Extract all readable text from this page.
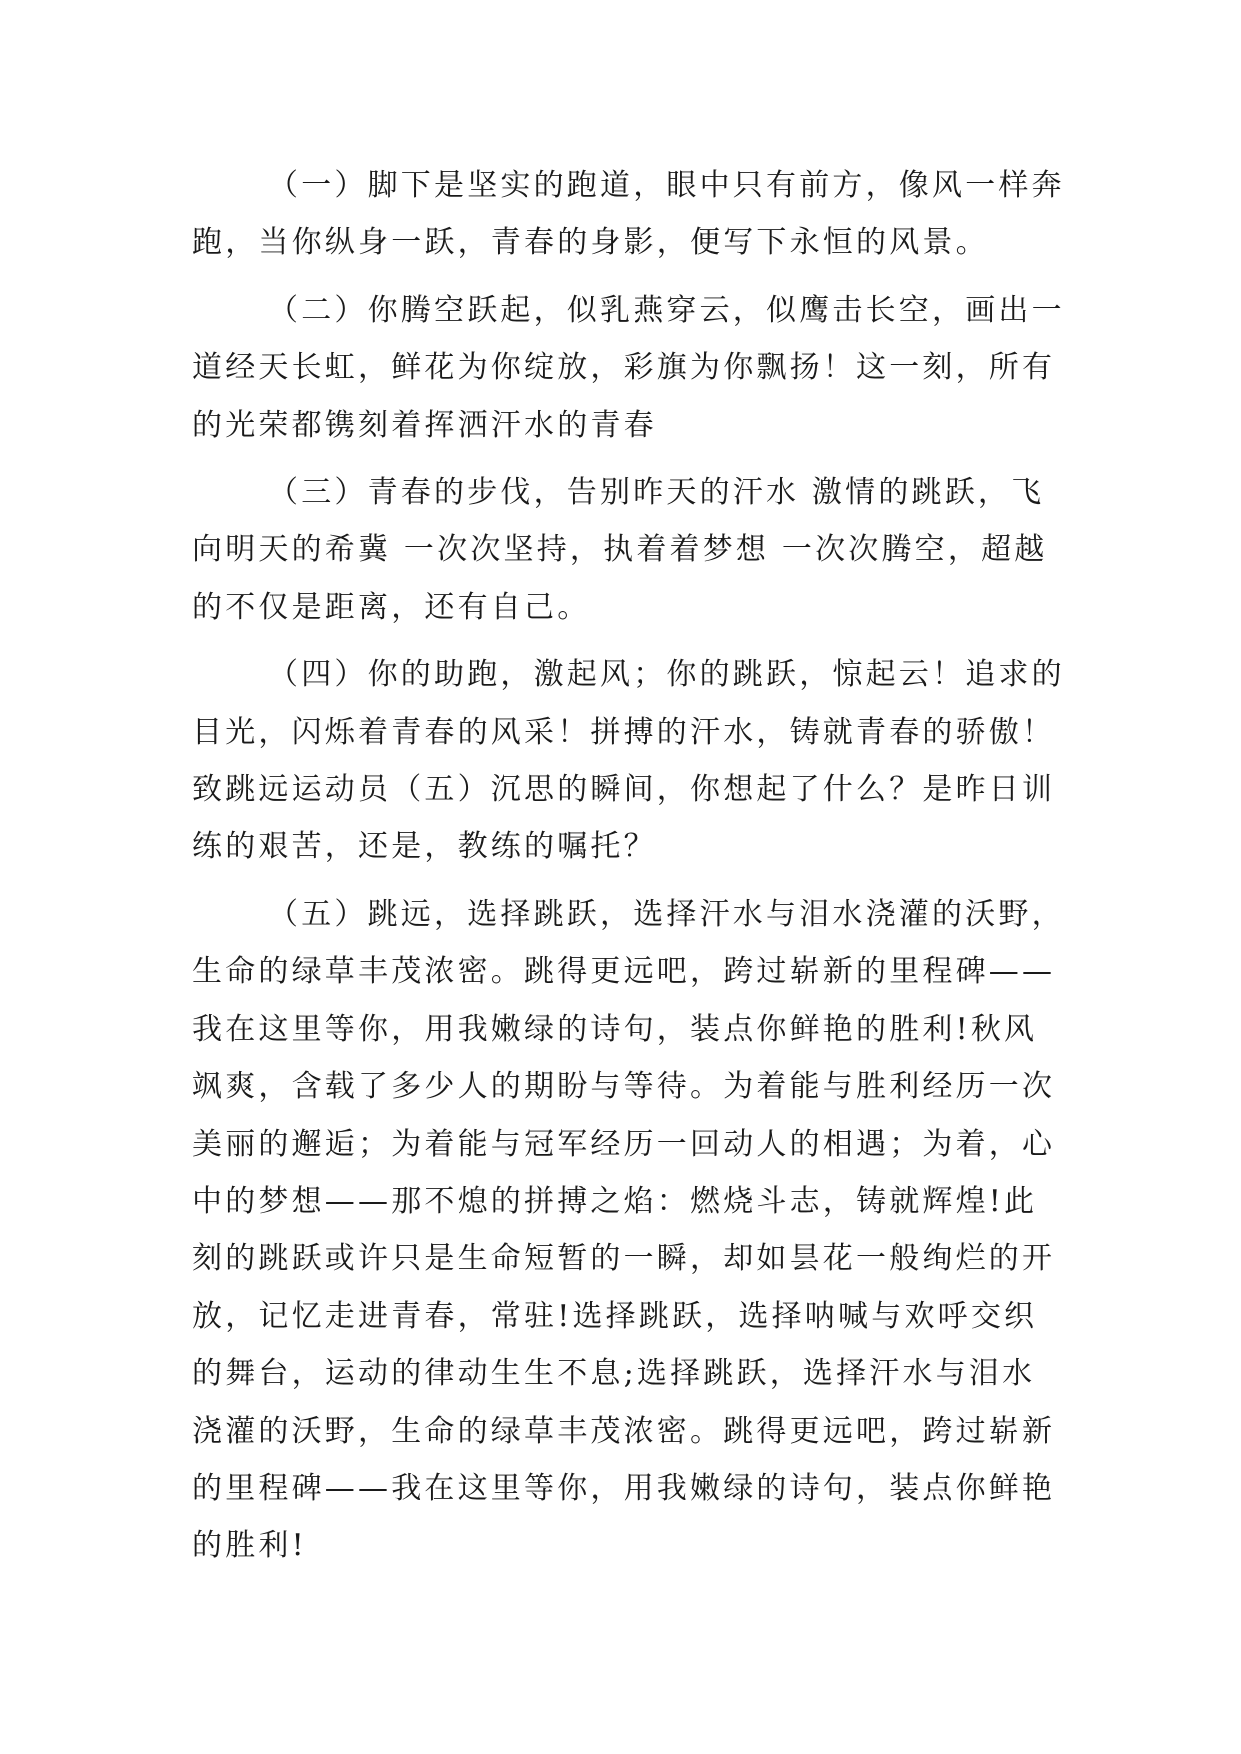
（一）脚下是坚实的跑道，眼中只有前方，像风一样奔
跑，当你纵身一跃，青春的身影，便写下永恒的风景。

（二）你腾空跃起，似乳燕穿云，似鹰击长空，画出一
道经天长虹，鲜花为你绽放，彩旗为你飘扬！这一刻，所有
的光荣都镌刻着挥洒汗水的青春

（三）青春的步伐，告别昨天的汗水 激情的跳跃，飞
向明天的希冀 一次次坚持，执着着梦想 一次次腾空，超越
的不仅是距离，还有自己。

（四）你的助跑，激起风；你的跳跃，惊起云！追求的
目光，闪烁着青春的风采！拼搏的汗水，铸就青春的骄傲！
致跳远运动员（五）沉思的瞬间，你想起了什么？是昨日训
练的艰苦，还是，教练的嘱托？

（五）跳远，选择跳跃，选择汗水与泪水浇灌的沃野，
生命的绿草丰茂浓密。跳得更远吧，跨过崭新的里程碑——
我在这里等你，用我嫩绿的诗句，装点你鲜艳的胜利!秋风
飒爽，含载了多少人的期盼与等待。为着能与胜利经历一次
美丽的邂逅；为着能与冠军经历一回动人的相遇；为着，心
中的梦想——那不熄的拼搏之焰：燃烧斗志，铸就辉煌!此
刻的跳跃或许只是生命短暂的一瞬，却如昙花一般绚烂的开
放，记忆走进青春，常驻!选择跳跃，选择呐喊与欢呼交织
的舞台，运动的律动生生不息;选择跳跃，选择汗水与泪水
浇灌的沃野，生命的绿草丰茂浓密。跳得更远吧，跨过崭新
的里程碑——我在这里等你，用我嫩绿的诗句，装点你鲜艳
的胜利!
